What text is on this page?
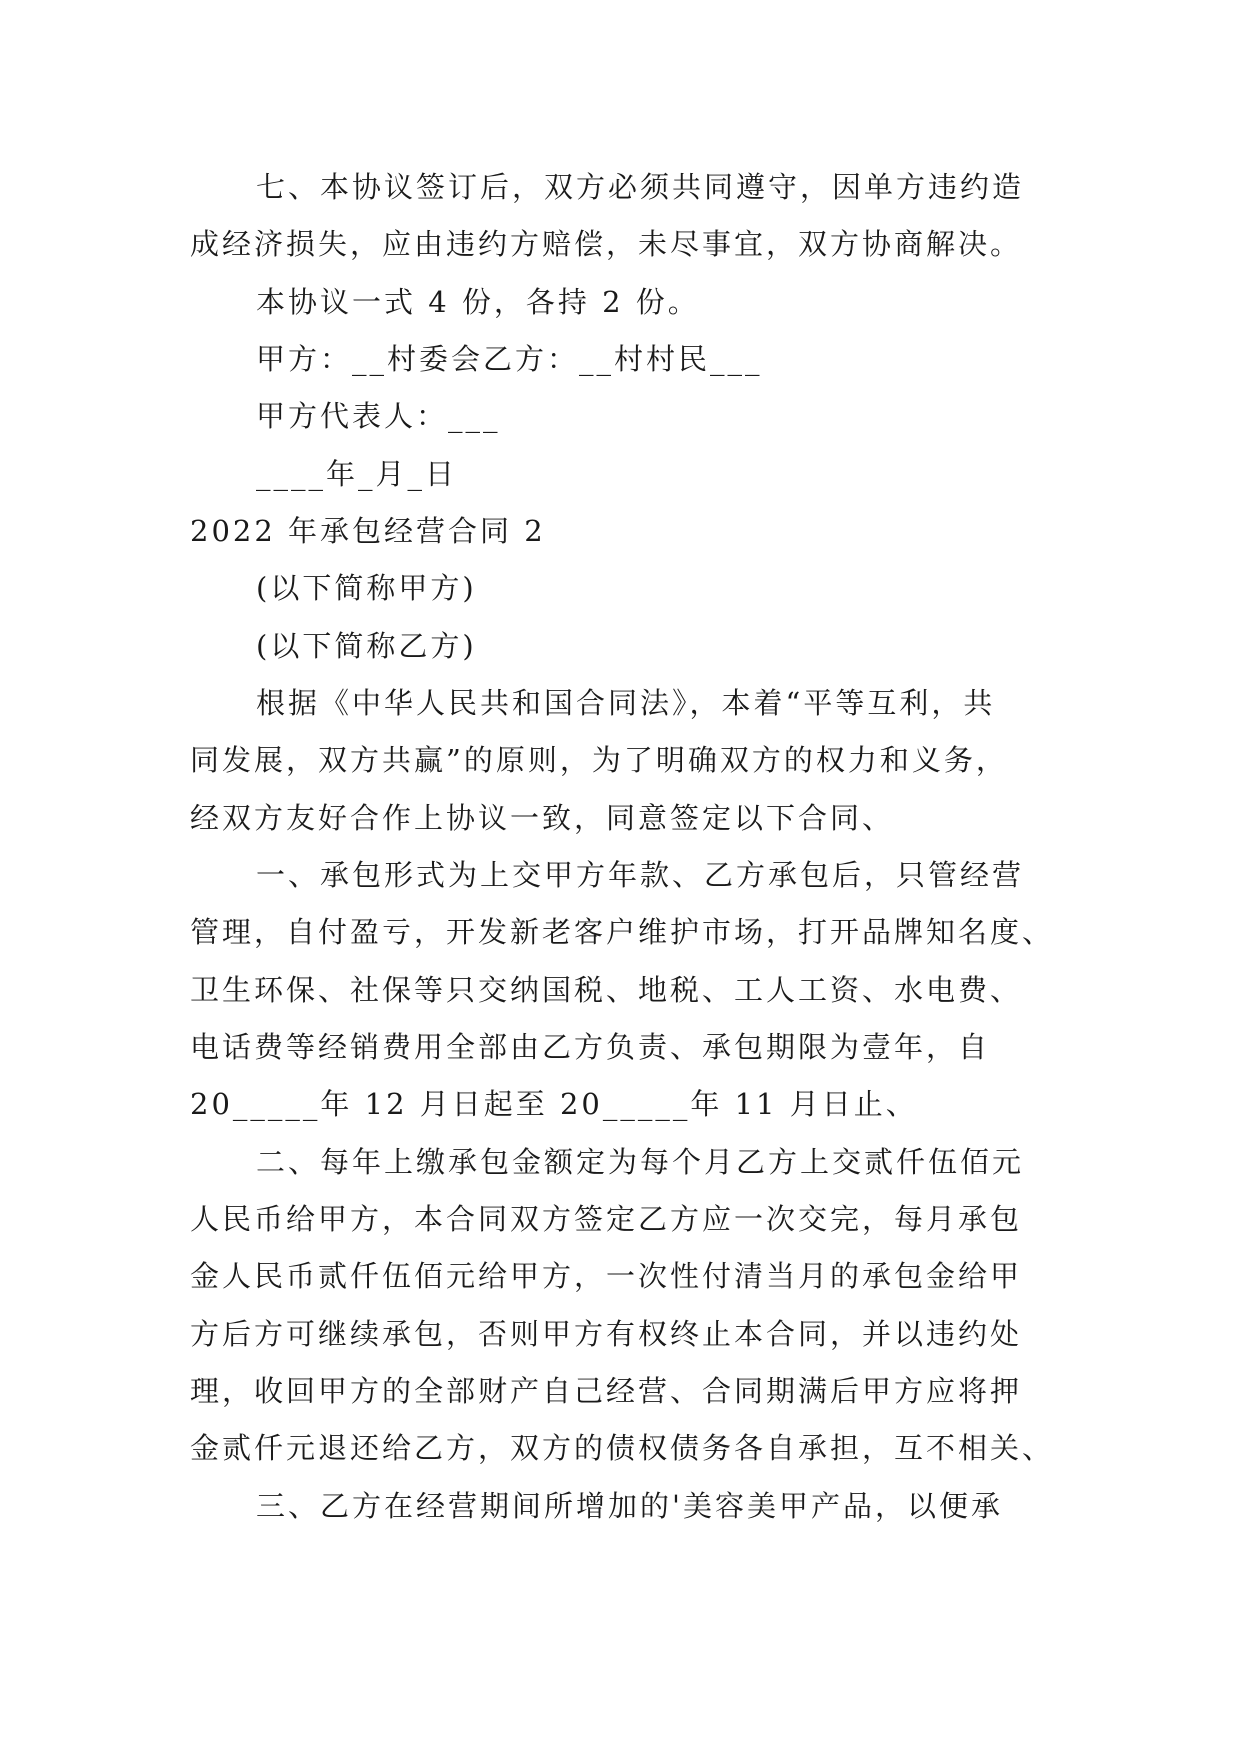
七、本协议签订后，双方必须共同遵守，因单方违约造
成经济损失，应由违约方赔偿，未尽事宜，双方协商解决。
本协议一式 4 份，各持 2 份。
甲方：__村委会乙方：__村村民___
甲方代表人：___
____年_月_日
2022 年承包经营合同 2
(以下简称甲方)
(以下简称乙方)
根据《中华人民共和国合同法》，本着“平等互利，共
同发展，双方共赢”的原则，为了明确双方的权力和义务，
经双方友好合作上协议一致，同意签定以下合同、
一、承包形式为上交甲方年款、乙方承包后，只管经营
管理，自付盈亏，开发新老客户维护市场，打开品牌知名度、
卫生环保、社保等只交纳国税、地税、工人工资、水电费、
电话费等经销费用全部由乙方负责、承包期限为壹年，自
20_____年 12 月日起至 20_____年 11 月日止、
二、每年上缴承包金额定为每个月乙方上交贰仟伍佰元
人民币给甲方，本合同双方签定乙方应一次交完，每月承包
金人民币贰仟伍佰元给甲方，一次性付清当月的承包金给甲
方后方可继续承包，否则甲方有权终止本合同，并以违约处
理，收回甲方的全部财产自己经营、合同期满后甲方应将押
金贰仟元退还给乙方，双方的债权债务各自承担，互不相关、
三、乙方在经营期间所增加的'美容美甲产品，以便承
